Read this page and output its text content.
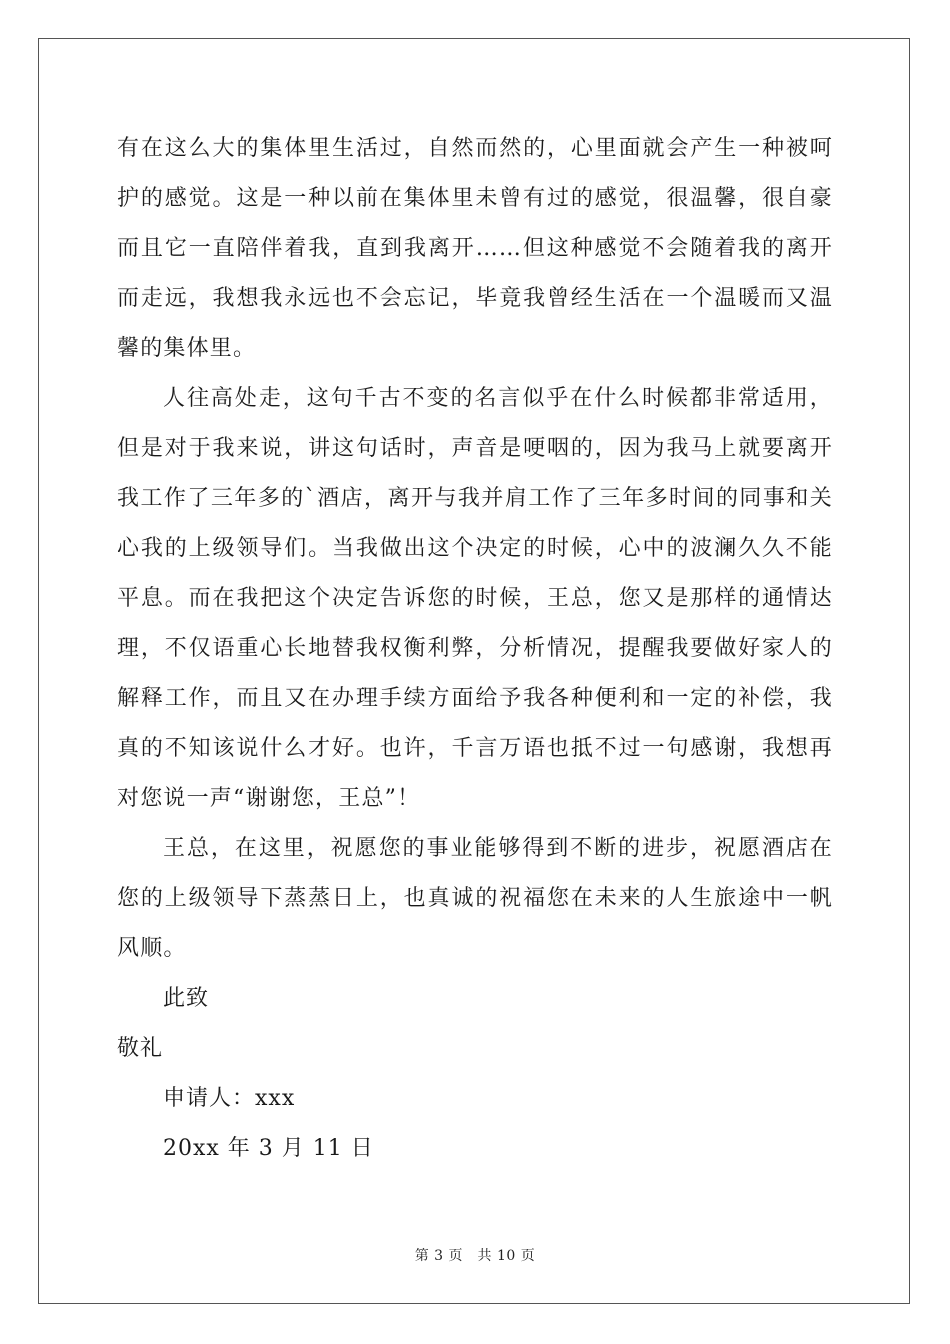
有在这么大的集体里生活过，自然而然的，心里面就会产生一种被呵护的感觉。这是一种以前在集体里未曾有过的感觉，很温馨，很自豪而且它一直陪伴着我，直到我离开……但这种感觉不会随着我的离开而走远，我想我永远也不会忘记，毕竟我曾经生活在一个温暖而又温馨的集体里。

人往高处走，这句千古不变的名言似乎在什么时候都非常适用，但是对于我来说，讲这句话时，声音是哽咽的，因为我马上就要离开我工作了三年多的`酒店，离开与我并肩工作了三年多时间的同事和关心我的上级领导们。当我做出这个决定的时候，心中的波澜久久不能平息。而在我把这个决定告诉您的时候，王总，您又是那样的通情达理，不仅语重心长地替我权衡利弊，分析情况，提醒我要做好家人的解释工作，而且又在办理手续方面给予我各种便利和一定的补偿，我真的不知该说什么才好。也许，千言万语也抵不过一句感谢，我想再对您说一声“谢谢您，王总”！

王总，在这里，祝愿您的事业能够得到不断的进步，祝愿酒店在您的上级领导下蒸蒸日上，也真诚的祝福您在未来的人生旅途中一帆风顺。

此致

敬礼

申请人：xxx

20xx 年 3 月 11 日

第 3 页　共 10 页
